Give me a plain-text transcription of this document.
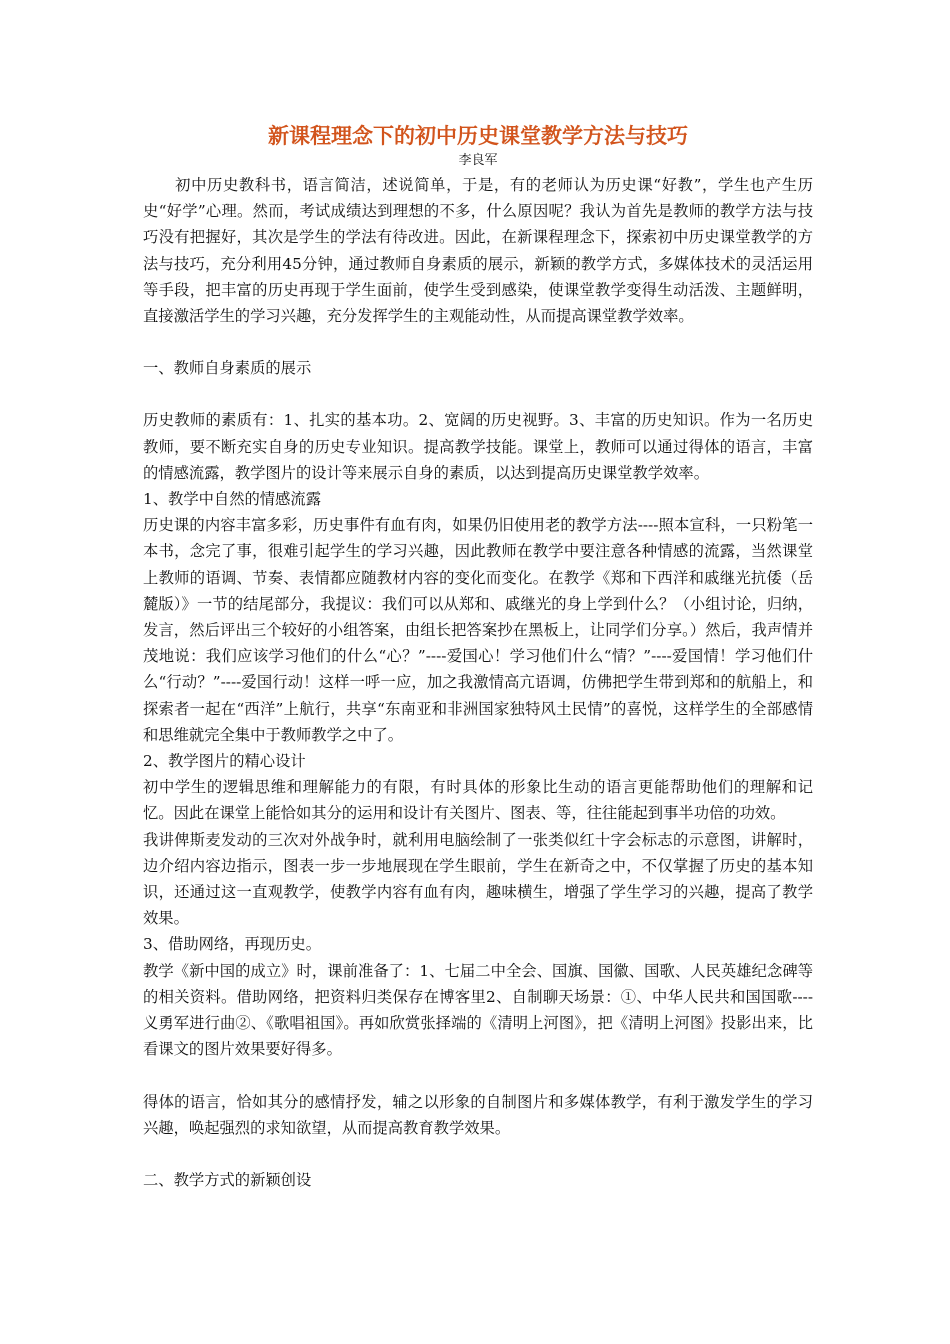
新课程理念下的初中历史课堂教学方法与技巧
李良军

初中历史教科书，语言简洁，述说简单，于是，有的老师认为历史课“好教”，学生也产生历史“好学”心理。然而，考试成绩达到理想的不多，什么原因呢？我认为首先是教师的教学方法与技巧没有把握好，其次是学生的学法有待改进。因此，在新课程理念下，探索初中历史课堂教学的方法与技巧，充分利用45分钟，通过教师自身素质的展示，新颖的教学方式，多媒体技术的灵活运用等手段，把丰富的历史再现于学生面前，使学生受到感染，使课堂教学变得生动活泼、主题鲜明，直接激活学生的学习兴趣，充分发挥学生的主观能动性，从而提高课堂教学效率。

一、教师自身素质的展示

历史教师的素质有：1、扎实的基本功。2、宽阔的历史视野。3、丰富的历史知识。作为一名历史教师，要不断充实自身的历史专业知识。提高教学技能。课堂上，教师可以通过得体的语言，丰富的情感流露，教学图片的设计等来展示自身的素质，以达到提高历史课堂教学效率。

1、教学中自然的情感流露

历史课的内容丰富多彩，历史事件有血有肉，如果仍旧使用老的教学方法----照本宣科，一只粉笔一本书，念完了事，很难引起学生的学习兴趣，因此教师在教学中要注意各种情感的流露，当然课堂上教师的语调、节奏、表情都应随教材内容的变化而变化。在教学《郑和下西洋和戚继光抗倭（岳麓版）》一节的结尾部分，我提议：我们可以从郑和、戚继光的身上学到什么？（小组讨论，归纳，发言，然后评出三个较好的小组答案，由组长把答案抄在黑板上，让同学们分享。）然后，我声情并茂地说：我们应该学习他们的什么“心？”----爱国心！学习他们什么“情？”----爱国情！学习他们什么“行动？”----爱国行动！这样一呼一应，加之我激情高亢语调，仿佛把学生带到郑和的航船上，和探索者一起在“西洋”上航行，共享“东南亚和非洲国家独特风土民情”的喜悦，这样学生的全部感情和思维就完全集中于教师教学之中了。

2、教学图片的精心设计

初中学生的逻辑思维和理解能力的有限，有时具体的形象比生动的语言更能帮助他们的理解和记忆。因此在课堂上能恰如其分的运用和设计有关图片、图表、等，往往能起到事半功倍的功效。

我讲俾斯麦发动的三次对外战争时，就利用电脑绘制了一张类似红十字会标志的示意图，讲解时，边介绍内容边指示，图表一步一步地展现在学生眼前，学生在新奇之中，不仅掌握了历史的基本知识，还通过这一直观教学，使教学内容有血有肉，趣味横生，增强了学生学习的兴趣，提高了教学效果。

3、借助网络，再现历史。

教学《新中国的成立》时，课前准备了：1、七届二中全会、国旗、国徽、国歌、人民英雄纪念碑等的相关资料。借助网络，把资料归类保存在博客里2、自制聊天场景：①、中华人民共和国国歌----义勇军进行曲②、《歌唱祖国》。再如欣赏张择端的《清明上河图》，把《清明上河图》投影出来，比看课文的图片效果要好得多。

得体的语言，恰如其分的感情抒发，辅之以形象的自制图片和多媒体教学，有利于激发学生的学习兴趣，唤起强烈的求知欲望，从而提高教育教学效果。

二、教学方式的新颖创设
